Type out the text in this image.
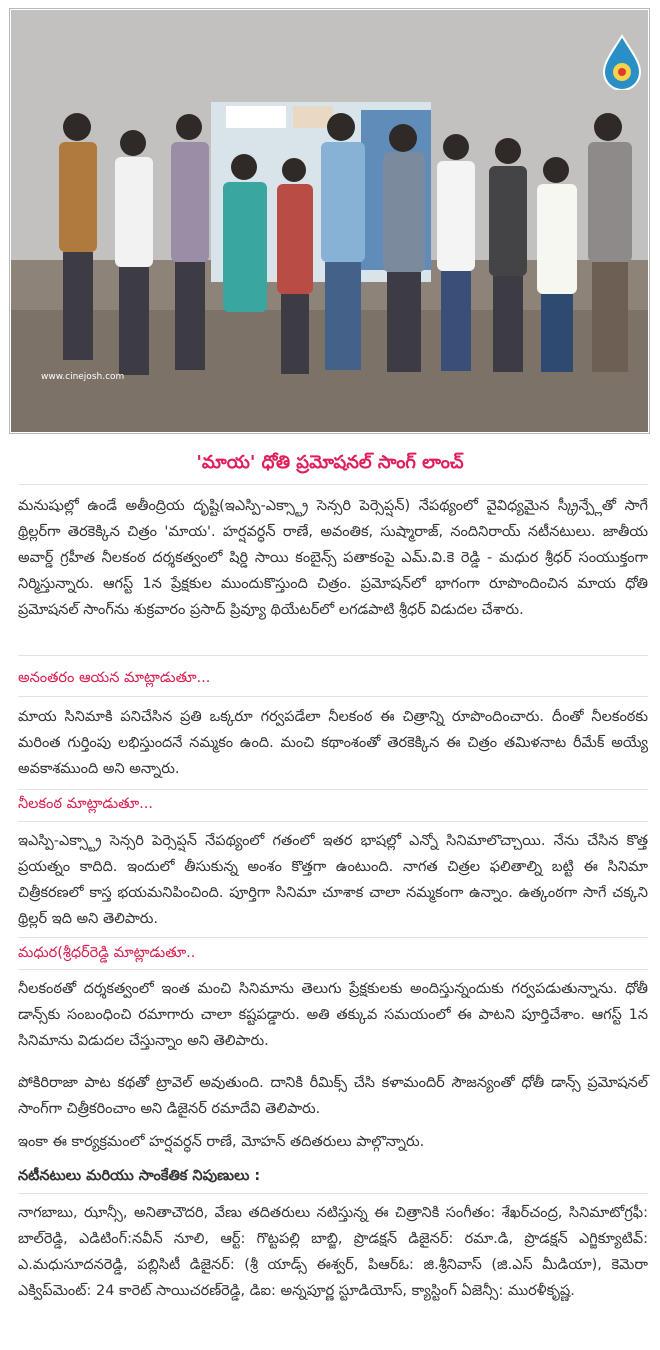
www.cinejosh.com
'మాయ' ధోతి ప్రమోషనల్ సాంగ్ లాంచ్

మనుషుల్లో ఉండే అతీంద్రియ దృష్టి(ఇఎస్పి-ఎక్స్ట్రా సెన్సరి పెర్సెప్షన్) నేపథ్యంలో వైవిధ్యమైన స్క్రీన్ప్లేతో సాగే థ్రిల్లర్‌గా తెరకెక్కిన చిత్రం 'మాయ'. హర్షవర్ధన్ రాణే, అవంతిక, సుష్మారాజ్, నందినిరాయ్ నటీనటులు. జాతీయ అవార్డ్ గ్రహీత నీలకంఠ దర్శకత్వంలో షిర్డి సాయి కంబైన్స్ పతాకంపై ఎమ్.వి.కె రెడ్డి - మధుర శ్రీధర్ సంయుక్తంగా నిర్మిస్తున్నారు. ఆగస్ట్ 1న ప్రేక్షకుల ముందుకొస్తుంది చిత్రం. ప్రమోషన్‌లో భాగంగా రూపొందించిన మాయ ధోతి ప్రమోషనల్ సాంగ్‌ను శుక్రవారం ప్రసాద్ ప్రివ్యూ థియేటర్‌లో లగడపాటి శ్రీధర్ విడుదల చేశారు.

అనంతరం ఆయన మాట్లాడుతూ...

మాయ సినిమాకి పనిచేసిన ప్రతి ఒక్కరూ గర్వపడేలా నీలకంఠ ఈ చిత్రాన్ని రూపొందించారు. దీంతో నీలకంఠకు మరింత గుర్తింపు లభిస్తుందనే నమ్మకం ఉంది. మంచి కథాంశంతో తెరకెక్కిన ఈ చిత్రం తమిళనాట రీమేక్ అయ్యే అవకాశముంది అని అన్నారు.

నీలకంఠ మాట్లాడుతూ...

ఇఎస్పి-ఎక్స్ట్రా సెన్సరి పెర్సెప్షన్ నేపథ్యంలో గతంలో ఇతర భాషల్లో ఎన్నో సినిమాలొచ్చాయి. నేను చేసిన కొత్త ప్రయత్నం కాదిది. ఇందులో తీసుకున్న అంశం కొత్తగా ఉంటుంది. నాగత చిత్రల ఫలితాల్ని బట్టి ఈ సినిమా చిత్రీకరణలో కాస్త భయమనిపించింది. పూర్తిగా సినిమా చూశాక చాలా నమ్మకంగా ఉన్నాం. ఉత్కంఠగా సాగే చక్కని థ్రిల్లర్ ఇది అని తెలిపారు.

మధుర(శ్రీధర్‌రెడ్డి మాట్లాడుతూ..

నీలకంఠతో దర్శకత్వంలో ఇంత మంచి సినిమాను తెలుగు ప్రేక్షకులకు అందిస్తున్నందుకు గర్వపడుతున్నాను. ధోతీ డాన్స్‌కు సంబంధించి రమాగారు చాలా కష్టపడ్డారు. అతి తక్కువ సమయంలో ఈ పాటని పూర్తిచేశాం. ఆగస్ట్ 1న సినిమాను విడుదల చేస్తున్నాం అని తెలిపారు.

పోకిరిరాజా పాట కథతో ట్రావెల్ అవుతుంది. దానికి రీమిక్స్ చేసి కళామందిర్ సౌజన్యంతో ధోతీ డాన్స్ ప్రమోషనల్ సాంగ్‌గా చిత్రీకరించాం అని డిజైనర్ రమాదేవి తెలిపారు.

ఇంకా ఈ కార్యక్రమంలో హర్షవర్ధన్ రాణే, మోహన్ తదితరులు పాల్గొన్నారు.

నటీనటులు మరియు సాంకేతిక నిపుణులు :

నాగబాబు, ఝాన్సీ, అనితాచౌదరి, వేణు తదితరులు నటిస్తున్న ఈ చిత్రానికి సంగీతం: శేఖర్‌చంద్ర, సినిమాటోగ్రఫీ: బాల్‌రెడ్డి, ఎడిటింగ్:నవీన్ నూలి, ఆర్ట్: గొట్టపల్లి బాబ్జి, ప్రొడక్షన్ డిజైనర్: రమా.డి, ప్రొడక్షన్ ఎగ్జిక్యూటివ్: ఎ.మధుసూదనరెడ్డి, పబ్లిసిటీ డిజైనర్: (శ్రీ యాడ్స్ ఈశ్వర్, పిఆర్ఓ: జి.శ్రీనివాస్ (జి.ఎస్ మీడియా), కెమెరా ఎక్విప్‌మెంట్: 24 కారెట్ సాయిచరణ్‌రెడ్డి, డిఐ: అన్నపూర్ణ స్టూడియోస్, క్యాస్టింగ్ ఏజెన్సీ: మురళీకృష్ణ.
